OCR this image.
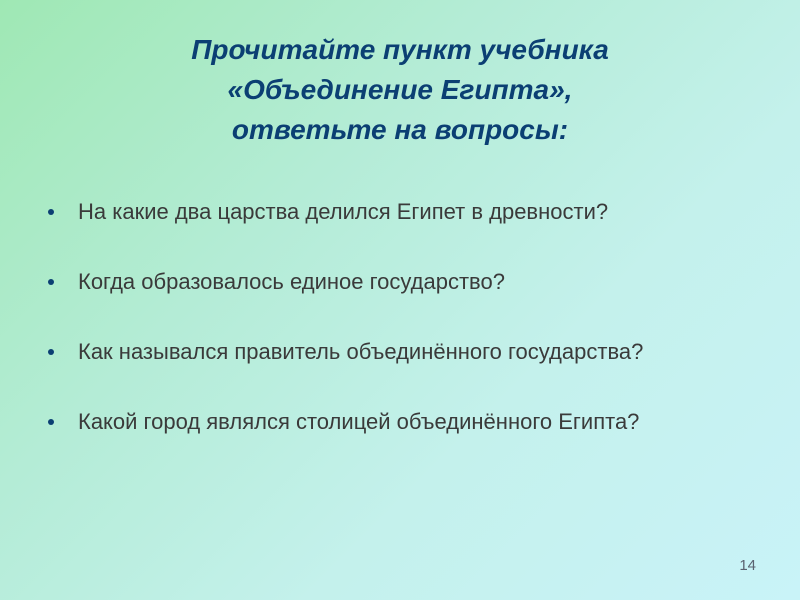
Прочитайте пункт учебника
«Объединение Египта»,
ответьте на вопросы:
На какие два царства делился Египет в древности?
Когда образовалось единое государство?
Как назывался правитель объединённого государства?
Какой город являлся столицей объединённого Египта?
14
